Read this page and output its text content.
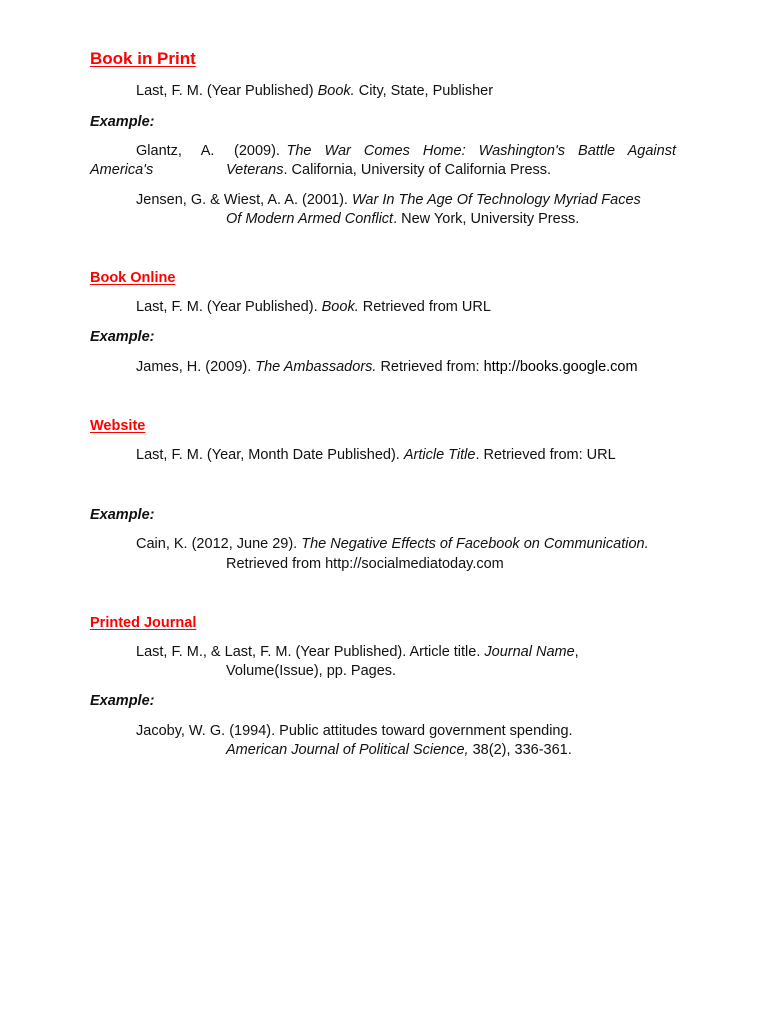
Book in Print
Last, F. M. (Year Published) Book. City, State, Publisher
Example:
Glantz,   A.   (2009). The  War  Comes  Home:  Washington's  Battle  Against
America's	Veterans. California, University of California Press.
Jensen, G. & Wiest, A. A. (2001). War In The Age Of Technology Myriad Faces
Of Modern Armed Conflict. New York, University Press.
Book Online
Last, F. M. (Year Published). Book. Retrieved from URL
Example:
James, H. (2009). The Ambassadors. Retrieved from: http://books.google.com
Website
Last, F. M. (Year, Month Date Published). Article Title. Retrieved from: URL
Example:
Cain, K. (2012, June 29). The Negative Effects of Facebook on Communication.
Retrieved from http://socialmediatoday.com
Printed Journal
Last, F. M., & Last, F. M. (Year Published). Article title. Journal Name,
Volume(Issue), pp. Pages.
Example:
Jacoby, W. G. (1994). Public attitudes toward government spending.
American Journal of Political Science, 38(2), 336-361.
